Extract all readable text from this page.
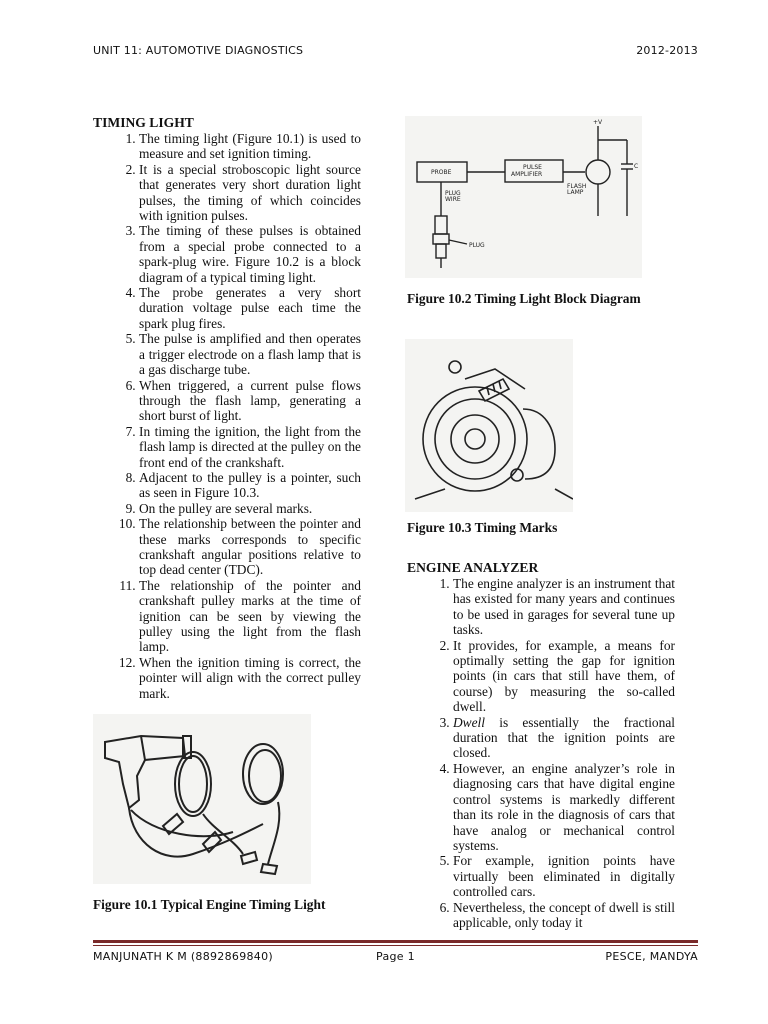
UNIT 11: AUTOMOTIVE DIAGNOSTICS	2012-2013
TIMING LIGHT
1. The timing light (Figure 10.1) is used to measure and set ignition timing.
2. It is a special stroboscopic light source that generates very short duration light pulses, the timing of which coincides with ignition pulses.
3. The timing of these pulses is obtained from a special probe connected to a spark-plug wire. Figure 10.2 is a block diagram of a typical timing light.
4. The probe generates a very short duration voltage pulse each time the spark plug fires.
5. The pulse is amplified and then operates a trigger electrode on a flash lamp that is a gas discharge tube.
6. When triggered, a current pulse flows through the flash lamp, generating a short burst of light.
7. In timing the ignition, the light from the flash lamp is directed at the pulley on the front end of the crankshaft.
8. Adjacent to the pulley is a pointer, such as seen in Figure 10.3.
9. On the pulley are several marks.
10. The relationship between the pointer and these marks corresponds to specific crankshaft angular positions relative to top dead center (TDC).
11. The relationship of the pointer and crankshaft pulley marks at the time of ignition can be seen by viewing the pulley using the light from the flash lamp.
12. When the ignition timing is correct, the pointer will align with the correct pulley mark.
Figure 10.1 Typical Engine Timing Light
PROBE
PULSE
AMPLIFIER
PLUG
WIRE
FLASH
LAMP
PLUG
+V
C
Figure 10.2 Timing Light Block Diagram
Figure 10.3 Timing Marks
ENGINE ANALYZER
1. The engine analyzer is an instrument that has existed for many years and continues to be used in garages for several tune up tasks.
2. It provides, for example, a means for optimally setting the gap for ignition points (in cars that still have them, of course) by measuring the so-called dwell.
3. Dwell is essentially the fractional duration that the ignition points are closed.
4. However, an engine analyzer’s role in diagnosing cars that have digital engine control systems is markedly different than its role in the diagnosis of cars that have analog or mechanical control systems.
5. For example, ignition points have virtually been eliminated in digitally controlled cars.
6. Nevertheless, the concept of dwell is still applicable, only today it
MANJUNATH K M (8892869840)	Page 1	PESCE, MANDYA
